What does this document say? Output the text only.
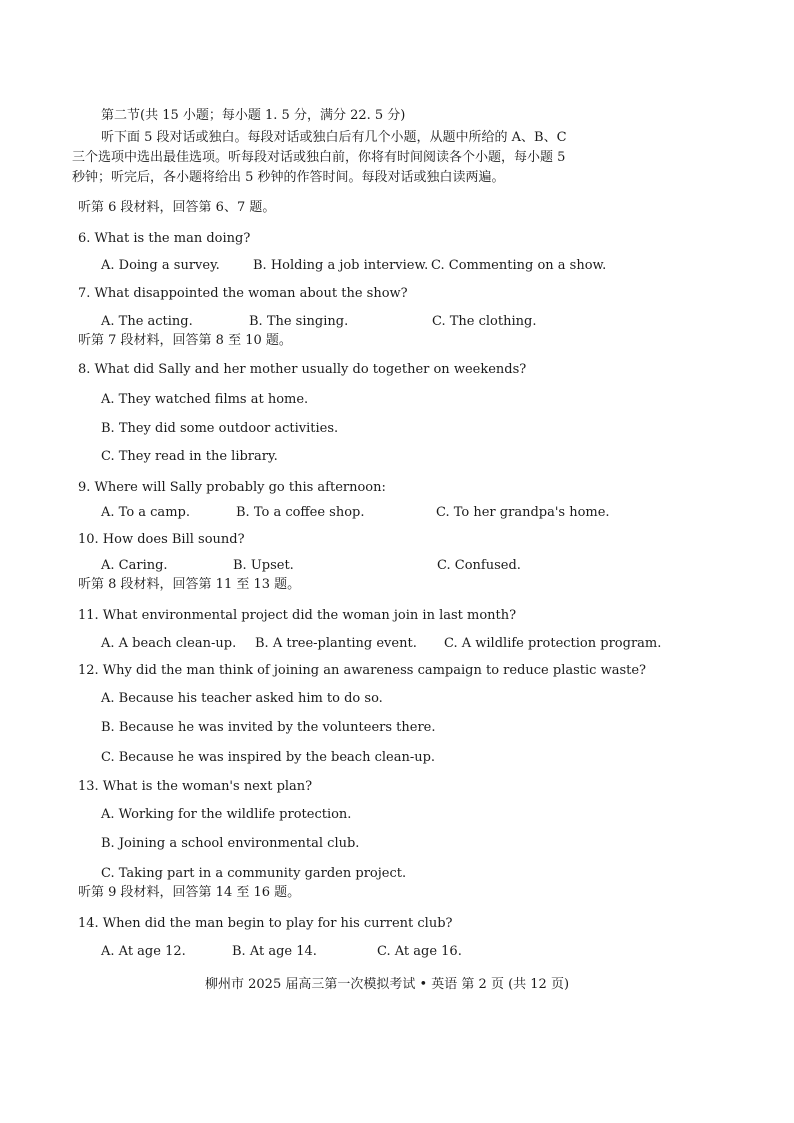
第二节(共 15 小题；每小题 1. 5 分，满分 22. 5 分)
听下面 5 段对话或独白。每段对话或独白后有几个小题，从题中所给的 A、B、C
三个选项中选出最佳选项。听每段对话或独白前，你将有时间阅读各个小题，每小题 5
秒钟；听完后，各小题将给出 5 秒钟的作答时间。每段对话或独白读两遍。
听第 6 段材料，回答第 6、7 题。
6. What is the man doing?
A. Doing a survey.	B. Holding a job interview. C. Commenting on a show.
7. What disappointed the woman about the show?
A. The acting.	B. The singing.	C. The clothing.
听第 7 段材料，回答第 8 至 10 题。
8. What did Sally and her mother usually do together on weekends?
A. They watched films at home.
B. They did some outdoor activities.
C. They read in the library.
9. Where will Sally probably go this afternoon:
A. To a camp.	B. To a coffee shop.	C. To her grandpa's home.
10. How does Bill sound?
A. Caring.	B. Upset.	C. Confused.
听第 8 段材料，回答第 11 至 13 题。
11. What environmental project did the woman join in last month?
A. A beach clean-up. B. A tree-planting event. C. A wildlife protection program.
12. Why did the man think of joining an awareness campaign to reduce plastic waste?
A. Because his teacher asked him to do so.
B. Because he was invited by the volunteers there.
C. Because he was inspired by the beach clean-up.
13. What is the woman's next plan?
A. Working for the wildlife protection.
B. Joining a school environmental club.
C. Taking part in a community garden project.
听第 9 段材料，回答第 14 至 16 题。
14. When did the man begin to play for his current club?
A. At age 12.	B. At age 14.	C. At age 16.
柳州市 2025 届高三第一次模拟考试 • 英语 第 2 页 (共 12 页)
